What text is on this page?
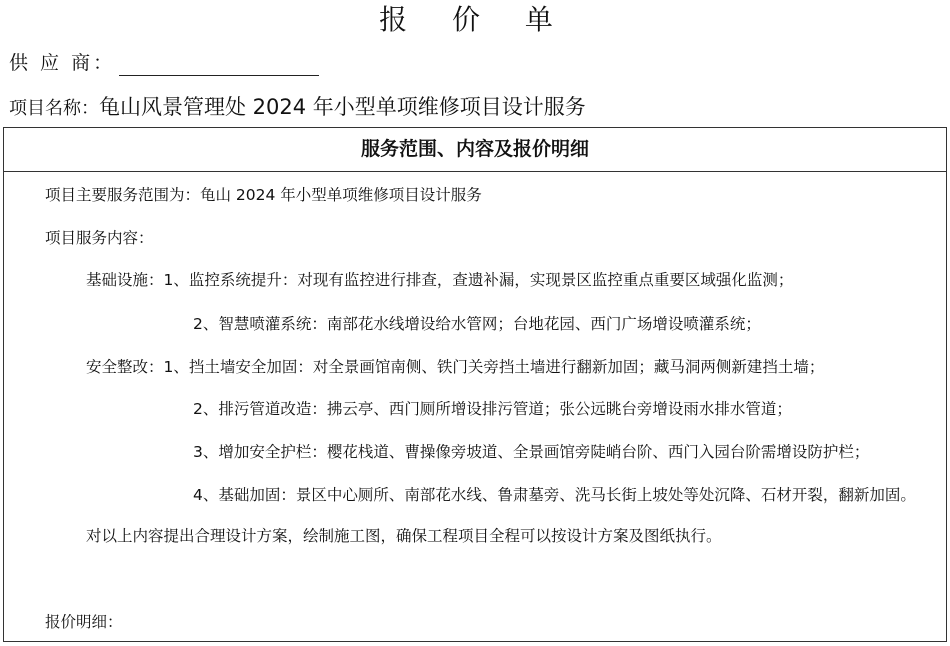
报 价 单
供 应 商：
项目名称：龟山风景管理处 2024 年小型单项维修项目设计服务
服务范围、内容及报价明细
项目主要服务范围为：龟山 2024 年小型单项维修项目设计服务
项目服务内容：
基础设施：1、监控系统提升：对现有监控进行排查，查遗补漏，实现景区监控重点重要区域强化监测；
2、智慧喷灌系统：南部花水线增设给水管网；台地花园、西门广场增设喷灌系统；
安全整改：1、挡土墙安全加固：对全景画馆南侧、铁门关旁挡土墙进行翻新加固；藏马洞两侧新建挡土墙；
2、排污管道改造：拂云亭、西门厕所增设排污管道；张公远眺台旁增设雨水排水管道；
3、增加安全护栏：樱花栈道、曹操像旁坡道、全景画馆旁陡峭台阶、西门入园台阶需增设防护栏；
4、基础加固：景区中心厕所、南部花水线、鲁肃墓旁、洗马长街上坡处等处沉降、石材开裂，翻新加固。
对以上内容提出合理设计方案，绘制施工图，确保工程项目全程可以按设计方案及图纸执行。
报价明细：
